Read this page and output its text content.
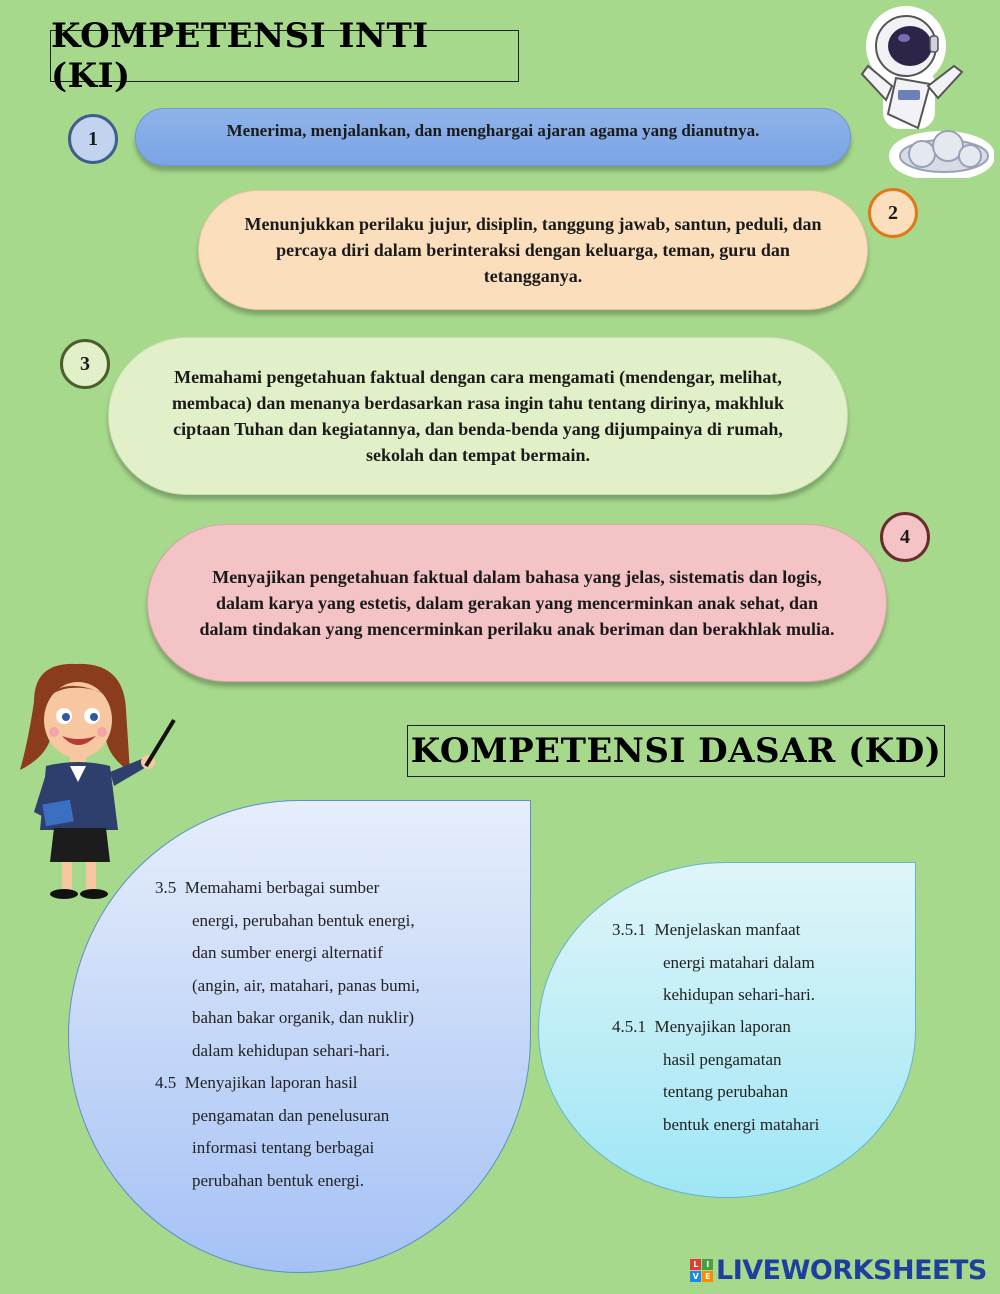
KOMPETENSI INTI (KI)
Menerima, menjalankan, dan menghargai ajaran agama yang dianutnya.
1
Menunjukkan perilaku jujur, disiplin, tanggung jawab, santun, peduli, dan percaya diri dalam berinteraksi dengan keluarga, teman, guru dan tetangganya.
2
Memahami pengetahuan faktual dengan cara mengamati (mendengar, melihat, membaca) dan menanya berdasarkan rasa ingin tahu tentang dirinya, makhluk ciptaan Tuhan dan kegiatannya, dan benda-benda yang dijumpainya di rumah, sekolah dan tempat bermain.
3
Menyajikan pengetahuan faktual dalam bahasa yang jelas, sistematis dan logis, dalam karya yang estetis, dalam gerakan yang mencerminkan anak sehat, dan dalam tindakan yang mencerminkan perilaku anak beriman dan berakhlak mulia.
4
KOMPETENSI DASAR (KD)
3.5 Memahami berbagai sumber
energi, perubahan bentuk energi,
dan sumber energi alternatif
(angin, air, matahari, panas bumi,
bahan bakar organik, dan nuklir)
dalam kehidupan sehari-hari.
4.5 Menyajikan laporan hasil
pengamatan dan penelusuran
informasi tentang berbagai
perubahan bentuk energi.
3.5.1 Menjelaskan manfaat
energi matahari dalam
kehidupan sehari-hari.
4.5.1 Menyajikan laporan
hasil pengamatan
tentang perubahan
bentuk energi matahari
L	I
V E LIVEWORKSHEETS
